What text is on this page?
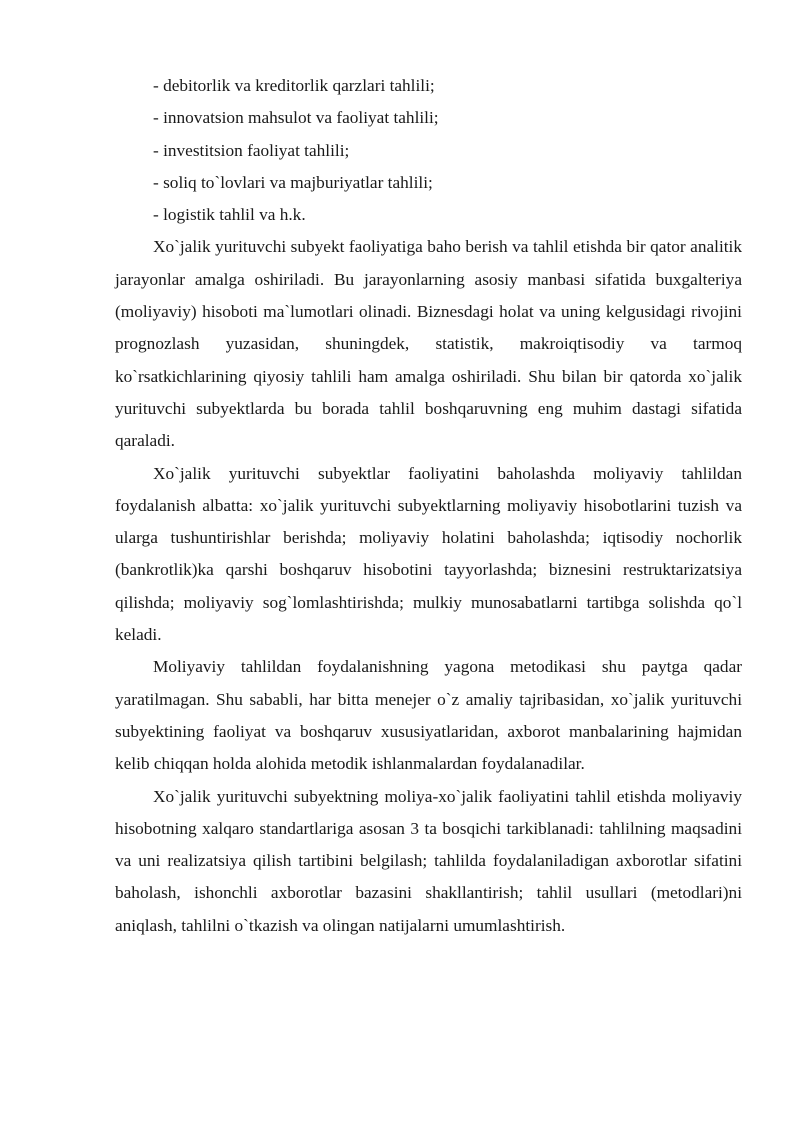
- debitorlik va kreditorlik qarzlari tahlili;

- innovatsion mahsulot va faoliyat tahlili;

- investitsion faoliyat tahlili;

- soliq to`lovlari va majburiyatlar tahlili;

- logistik tahlil va h.k.

Xo`jalik yurituvchi subyekt faoliyatiga baho berish va tahlil etishda bir qator analitik jarayonlar amalga oshiriladi. Bu jarayonlarning asosiy manbasi sifatida buxgalteriya (moliyaviy) hisoboti ma`lumotlari olinadi. Biznesdagi holat va uning kelgusidagi rivojini prognozlash yuzasidan, shuningdek, statistik, makroiqtisodiy va tarmoq ko`rsatkichlarining qiyosiy tahlili ham amalga oshiriladi. Shu bilan bir qatorda xo`jalik yurituvchi subyektlarda bu borada tahlil boshqaruvning eng muhim dastagi sifatida qaraladi.

Xo`jalik yurituvchi subyektlar faoliyatini baholashda moliyaviy tahlildan foydalanish albatta: xo`jalik yurituvchi subyektlarning moliyaviy hisobotlarini tuzish va ularga tushuntirishlar berishda; moliyaviy holatini baholashda; iqtisodiy nochorlik (bankrotlik)ka qarshi boshqaruv hisobotini tayyorlashda; biznesini restruktarizatsiya qilishda; moliyaviy sog`lomlashtirishda; mulkiy munosabatlarni tartibga solishda qo`l keladi.

Moliyaviy tahlildan foydalanishning yagona metodikasi shu paytga qadar yaratilmagan. Shu sababli, har bitta menejer o`z amaliy tajribasidan, xo`jalik yurituvchi subyektining faoliyat va boshqaruv xususiyatlaridan, axborot manbalarining hajmidan kelib chiqqan holda alohida metodik ishlanmalardan foydalanadilar.

Xo`jalik yurituvchi subyektning moliya-xo`jalik faoliyatini tahlil etishda moliyaviy hisobotning xalqaro standartlariga asosan 3 ta bosqichi tarkiblanadi: tahlilning maqsadini va uni realizatsiya qilish tartibini belgilash; tahlilda foydalaniladigan axborotlar sifatini baholash, ishonchli axborotlar bazasini shakllantirish; tahlil usullari (metodlari)ni aniqlash, tahlilni o`tkazish va olingan natijalarni umumlashtirish.
